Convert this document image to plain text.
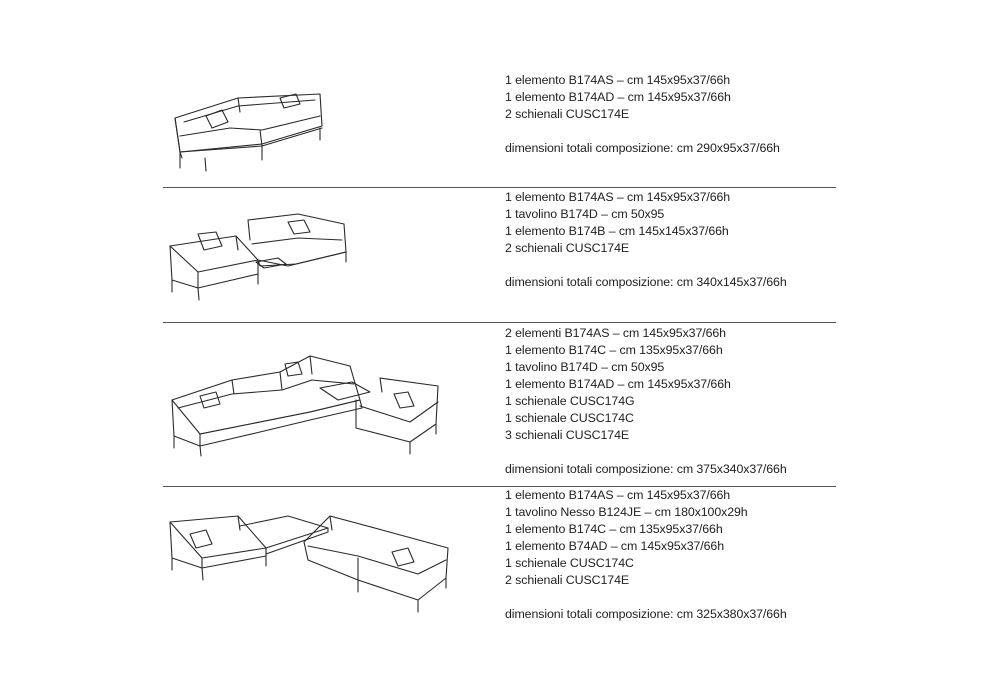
1 elemento B174AS – cm 145x95x37/66h
1 elemento B174AD – cm 145x95x37/66h
2 schienali CUSC174E
dimensioni totali composizione: cm 290x95x37/66h
1 elemento B174AS – cm 145x95x37/66h
1 tavolino B174D – cm 50x95
1 elemento B174B – cm 145x145x37/66h
2 schienali CUSC174E
dimensioni totali composizione: cm 340x145x37/66h
2 elementi B174AS – cm 145x95x37/66h
1 elemento B174C – cm 135x95x37/66h
1 tavolino B174D – cm 50x95
1 elemento B174AD – cm 145x95x37/66h
1 schienale CUSC174G
1 schienale CUSC174C
3 schienali CUSC174E
dimensioni totali composizione: cm 375x340x37/66h
1 elemento B174AS – cm 145x95x37/66h
1 tavolino Nesso B124JE – cm 180x100x29h
1 elemento B174C – cm 135x95x37/66h
1 elemento B74AD – cm 145x95x37/66h
1 schienale CUSC174C
2 schienali CUSC174E
dimensioni totali composizione: cm 325x380x37/66h
